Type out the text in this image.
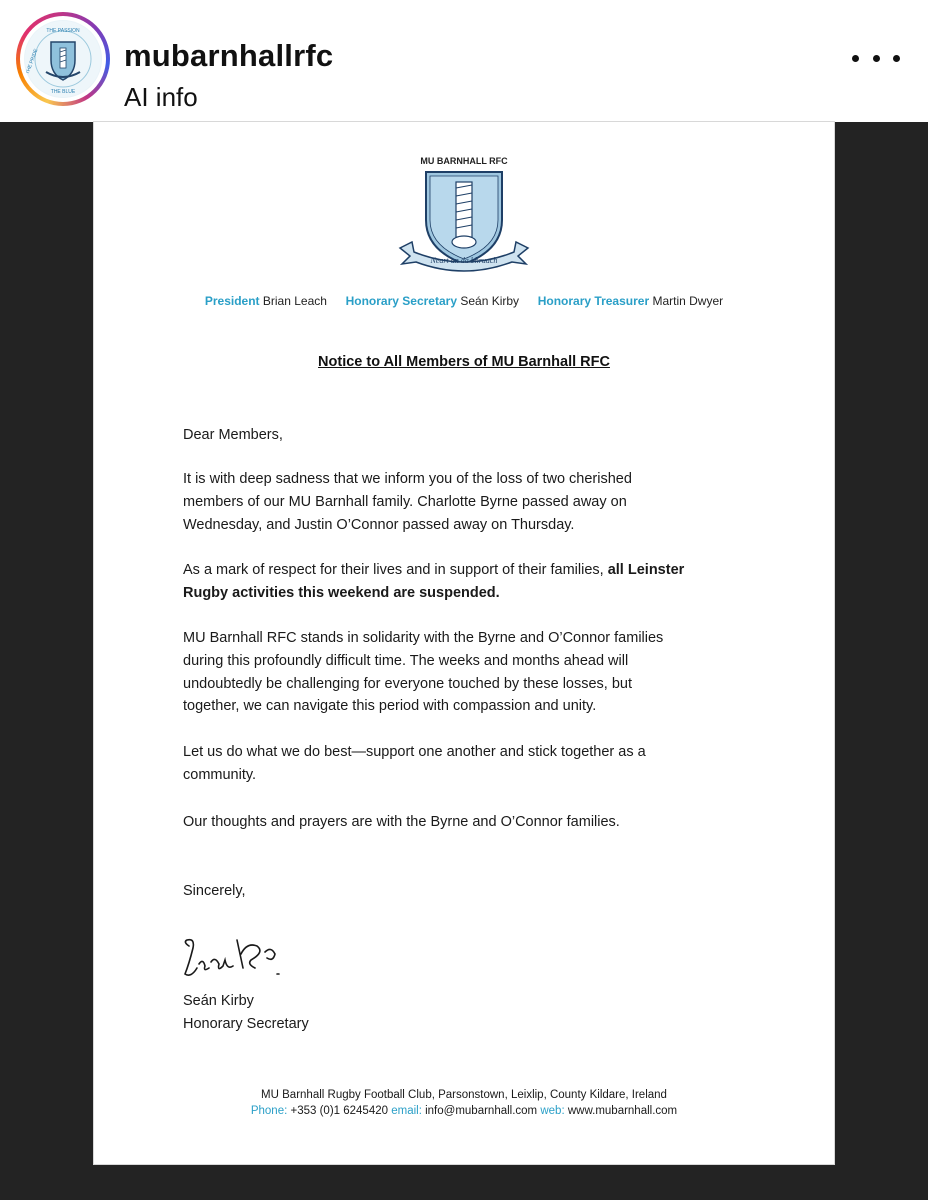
THE PASSION
THE BLUE
THE PRIDE	mubarnhallrfc
AI info
MU BARNHALL RFC
Neart an dá bhruach
President Brian Leach Honorary Secretary Seán Kirby Honorary Treasurer Martin Dwyer
Notice to All Members of MU Barnhall RFC
Dear Members,
It is with deep sadness that we inform you of the loss of two cherished
members of our MU Barnhall family. Charlotte Byrne passed away on
Wednesday, and Justin O’Connor passed away on Thursday.
As a mark of respect for their lives and in support of their families, all Leinster
Rugby activities this weekend are suspended.
MU Barnhall RFC stands in solidarity with the Byrne and O’Connor families
during this profoundly difficult time. The weeks and months ahead will
undoubtedly be challenging for everyone touched by these losses, but
together, we can navigate this period with compassion and unity.
Let us do what we do best—support one another and stick together as a
community.
Our thoughts and prayers are with the Byrne and O’Connor families.
Sincerely,
Seán Kirby
Honorary Secretary
MU Barnhall Rugby Football Club, Parsonstown, Leixlip, County Kildare, Ireland
Phone: +353 (0)1 6245420 email: info@mubarnhall.com web: www.mubarnhall.com
